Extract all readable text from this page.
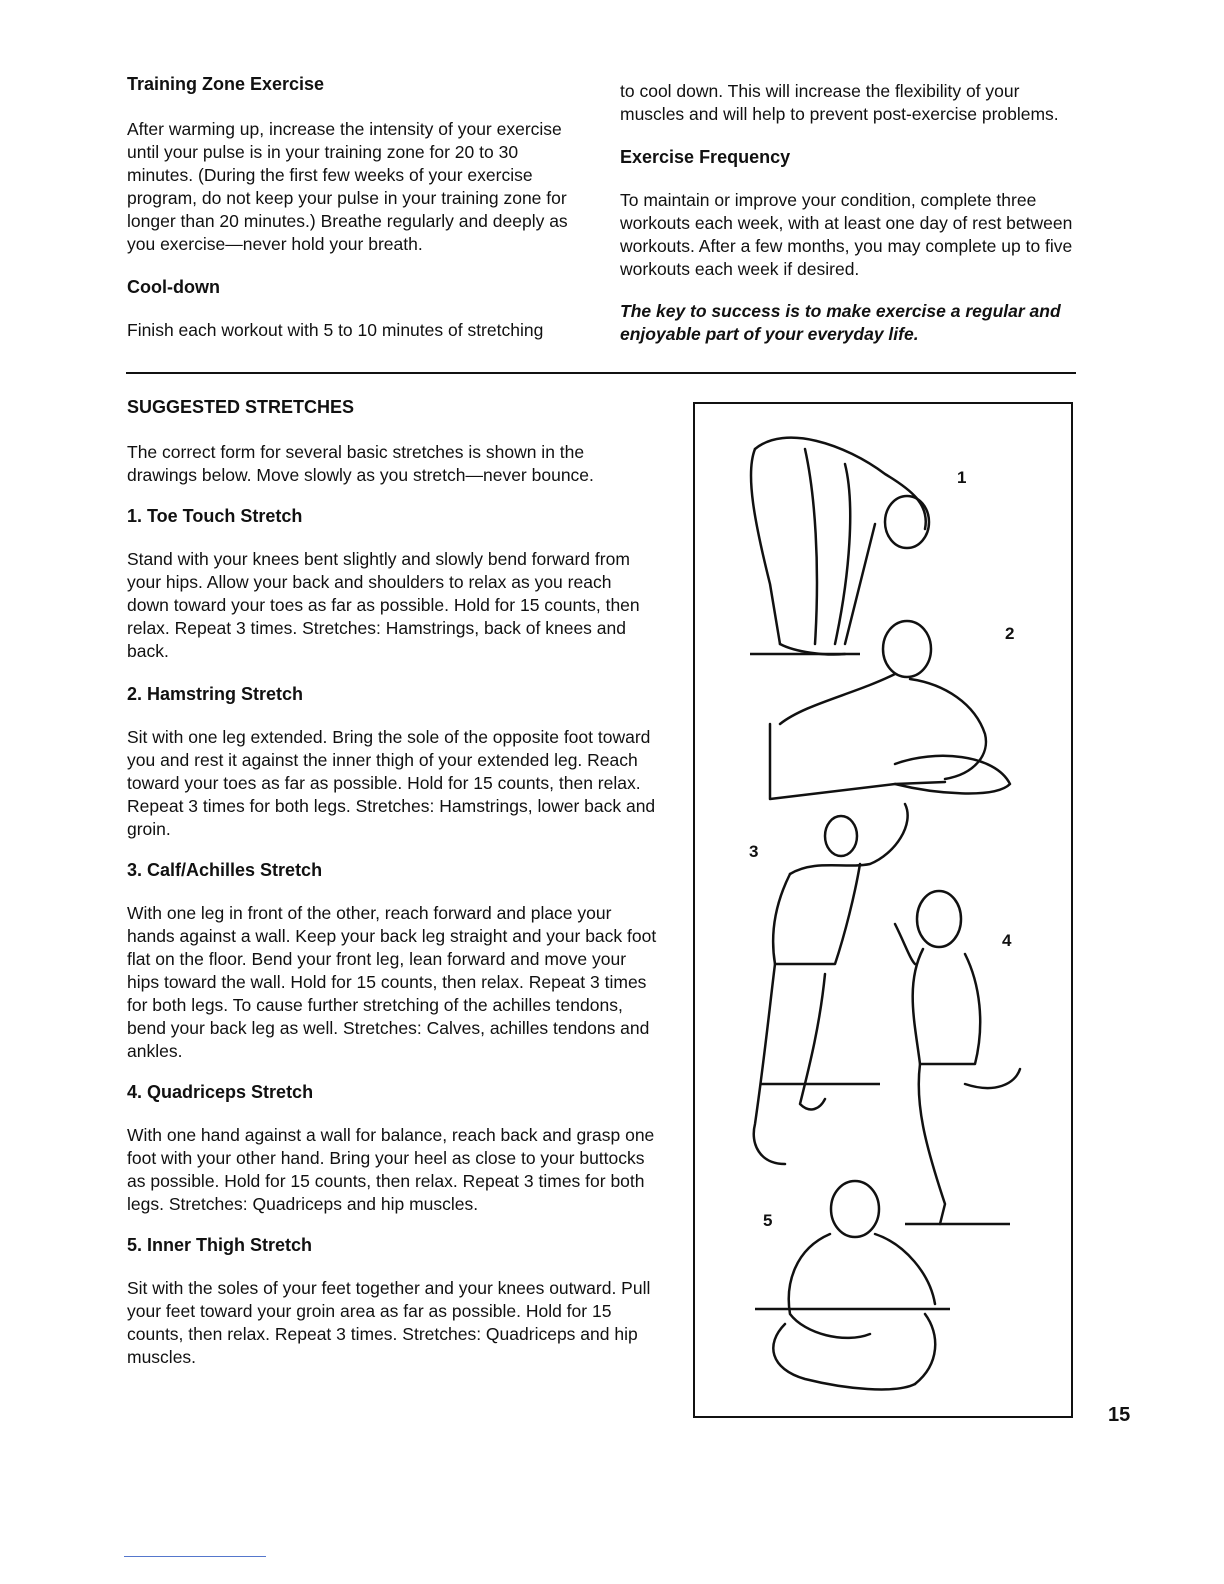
Training Zone Exercise

After warming up, increase the intensity of your exercise until your pulse is in your training zone for 20 to 30 minutes. (During the first few weeks of your exercise program, do not keep your pulse in your training zone for longer than 20 minutes.) Breathe regularly and deeply as you exercise—never hold your breath.

Cool-down

Finish each workout with 5 to 10 minutes of stretching

to cool down. This will increase the flexibility of your muscles and will help to prevent post-exercise problems.

Exercise Frequency

To maintain or improve your condition, complete three workouts each week, with at least one day of rest between workouts. After a few months, you may complete up to five workouts each week if desired.

The key to success is to make exercise a regular and enjoyable part of your everyday life.

SUGGESTED STRETCHES

The correct form for several basic stretches is shown in the drawings below. Move slowly as you stretch—never bounce.

1. Toe Touch Stretch

Stand with your knees bent slightly and slowly bend forward from your hips. Allow your back and shoulders to relax as you reach down toward your toes as far as possible. Hold for 15 counts, then relax. Repeat 3 times. Stretches: Hamstrings, back of knees and back.

2. Hamstring Stretch

Sit with one leg extended. Bring the sole of the opposite foot toward you and rest it against the inner thigh of your extended leg. Reach toward your toes as far as possible. Hold for 15 counts, then relax. Repeat 3 times for both legs. Stretches: Hamstrings, lower back and groin.

3. Calf/Achilles Stretch

With one leg in front of the other, reach forward and place your hands against a wall. Keep your back leg straight and your back foot flat on the floor. Bend your front leg, lean forward and move your hips toward the wall. Hold for 15 counts, then relax. Repeat 3 times for both legs. To cause further stretching of the achilles tendons, bend your back leg as well. Stretches: Calves, achilles tendons and ankles.

4. Quadriceps Stretch

With one hand against a wall for balance, reach back and grasp one foot with your other hand. Bring your heel as close to your buttocks as possible. Hold for 15 counts, then relax. Repeat 3 times for both legs. Stretches: Quadriceps and hip muscles.

5. Inner Thigh Stretch

Sit with the soles of your feet together and your knees outward. Pull your feet toward your groin area as far as possible. Hold for 15 counts, then relax. Repeat 3 times. Stretches: Quadriceps and hip muscles.

1
2
3
4
5
15
